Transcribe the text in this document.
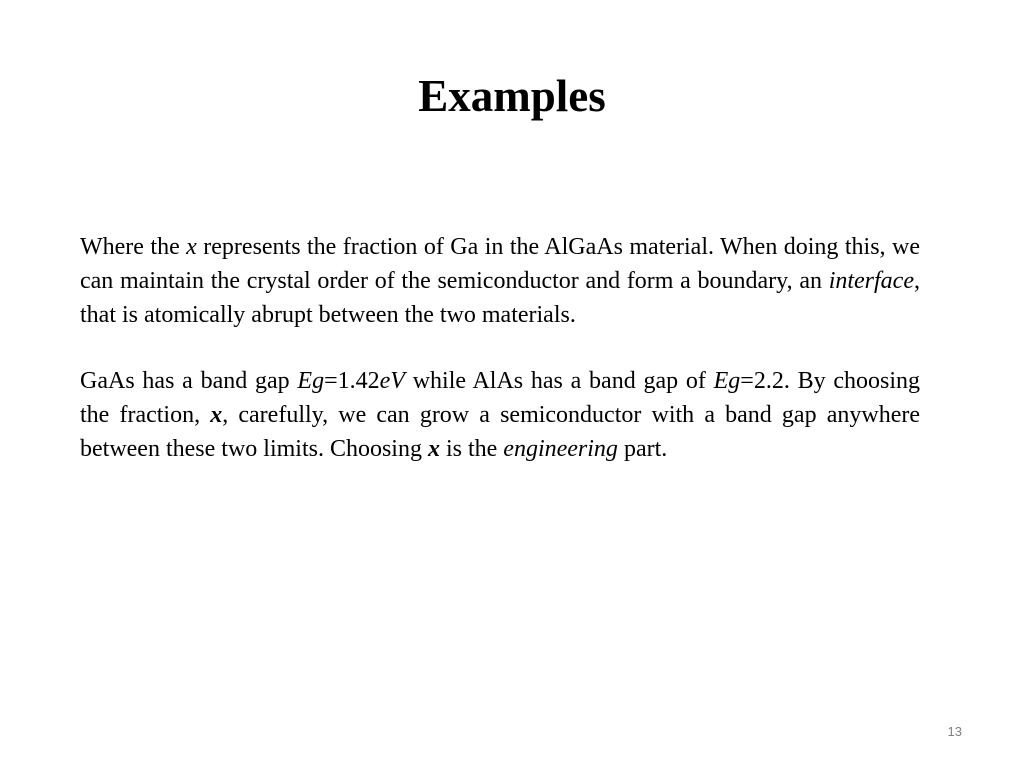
Examples

Where the x represents the fraction of Ga in the AlGaAs material. When doing this, we can maintain the crystal order of the semiconductor and form a boundary, an interface, that is atomically abrupt between the two materials.

GaAs has a band gap Eg=1.42eV while AlAs has a band gap of Eg=2.2. By choosing the fraction, x, carefully, we can grow a semiconductor with a band gap anywhere between these two limits. Choosing x is the engineering part.

13
